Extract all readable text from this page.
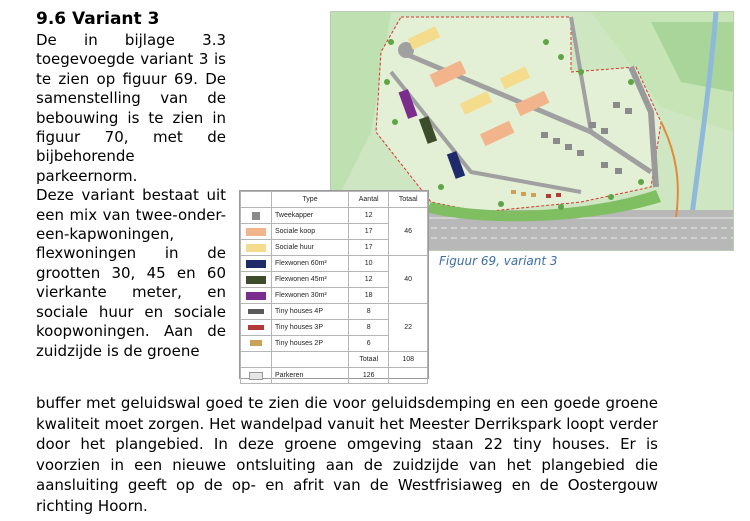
9.6 Variant 3
De in bijlage 3.3 toegevoegde variant 3 is te zien op figuur 69. De samenstelling van de bebouwing is te zien in figuur 70, met de bijbehorende parkeernorm.
Deze variant bestaat uit een mix van twee-onder-een-kapwoningen, flexwoningen in de grootten 30, 45 en 60 vierkante meter, en sociale huur en sociale koopwoningen. Aan de zuidzijde is de groene
Figuur 69, variant 3
	Type	Aantal	Totaal
	Tweekapper	12	46
	Sociale koop	17	
	Sociale huur	17	
	Flexwonen 60m²	10	40
	Flexwonen 45m²	12	
	Flexwonen 30m²	18	
	Tiny houses 4P	8	22
	Tiny houses 3P	8	
	Tiny houses 2P	6	
		Totaal	108
	Parkeren	126	
buffer met geluidswal goed te zien die voor geluidsdemping en een goede groene kwaliteit moet zorgen. Het wandelpad vanuit het Meester Derrikspark loopt verder door het plangebied. In deze groene omgeving staan 22 tiny houses. Er is voorzien in een nieuwe ontsluiting aan de zuidzijde van het plangebied die aansluiting geeft op de op- en afrit van de Westfrisiaweg en de Oostergouw richting Hoorn.
